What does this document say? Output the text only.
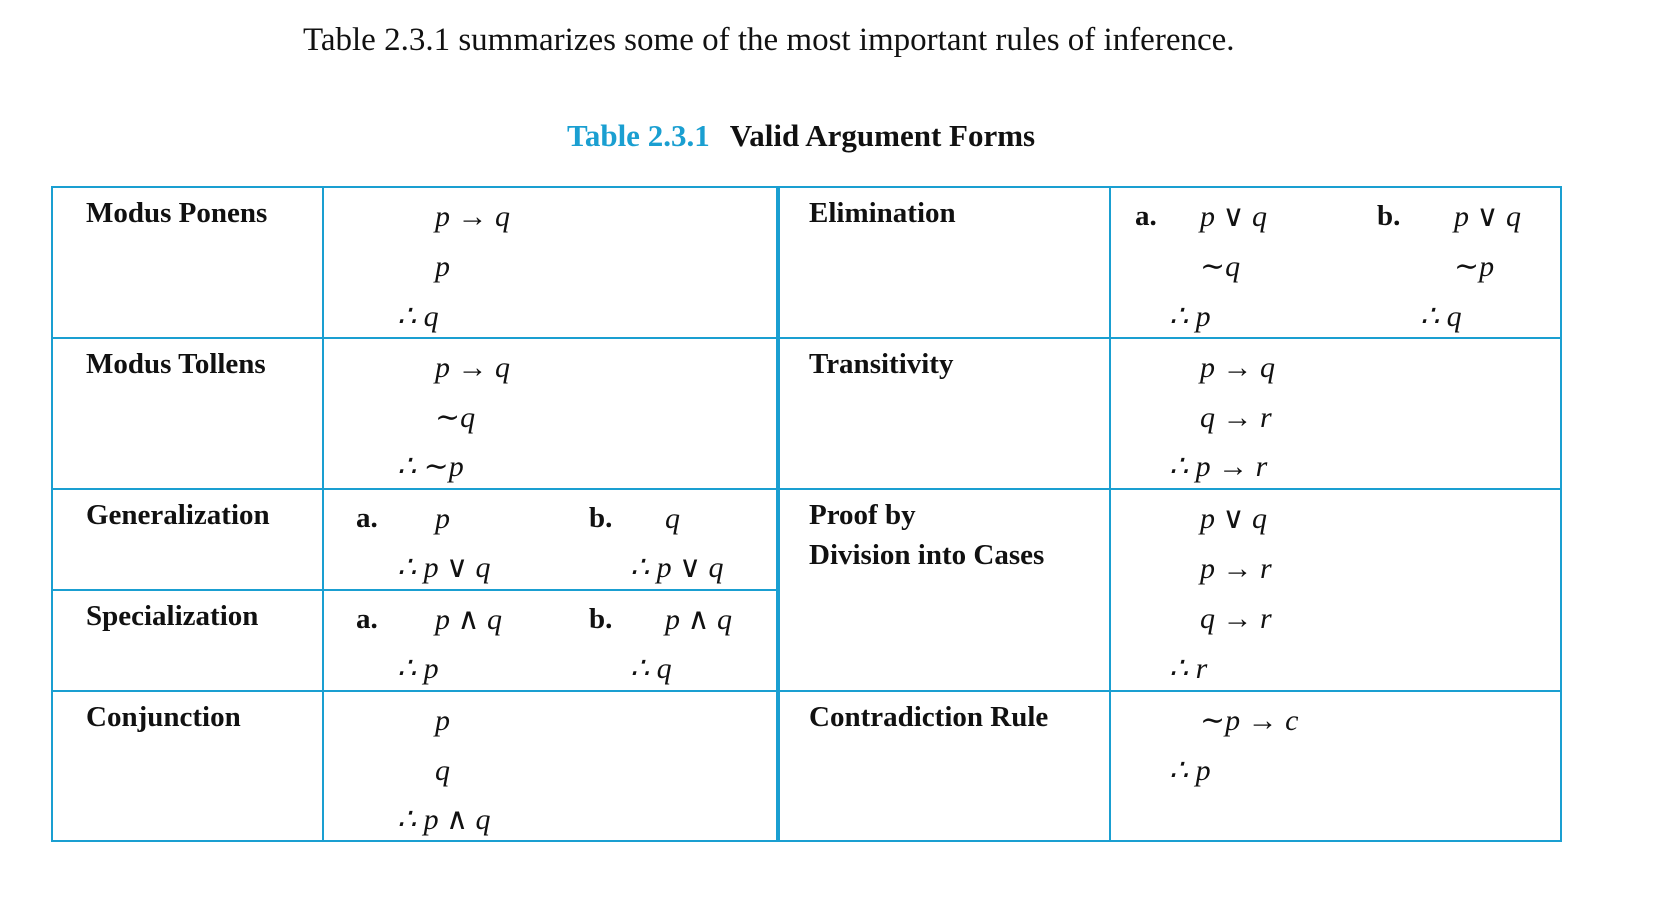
Table 2.3.1 summarizes some of the most important rules of inference.
Table 2.3.1 Valid Argument Forms
Modus Ponens	p → q
p
∴ q
Modus Tollens	p → q
∼q
∴ ∼p
Generalization	a. p
∴ p ∨ q
b. q
∴ p ∨ q
Specialization	a. p ∧ q
∴ p
b. p ∧ q
∴ q
Conjunction	p
q
∴ p ∧ q
Elimination	a. p ∨ q
∼q
∴ p
b. p ∨ q
∼p
∴ q
Transitivity	p → q
q → r
∴ p → r
Proof by
Division into Cases
p ∨ q
p → r
q → r
∴ r
Contradiction Rule	∼p → c
∴ p
